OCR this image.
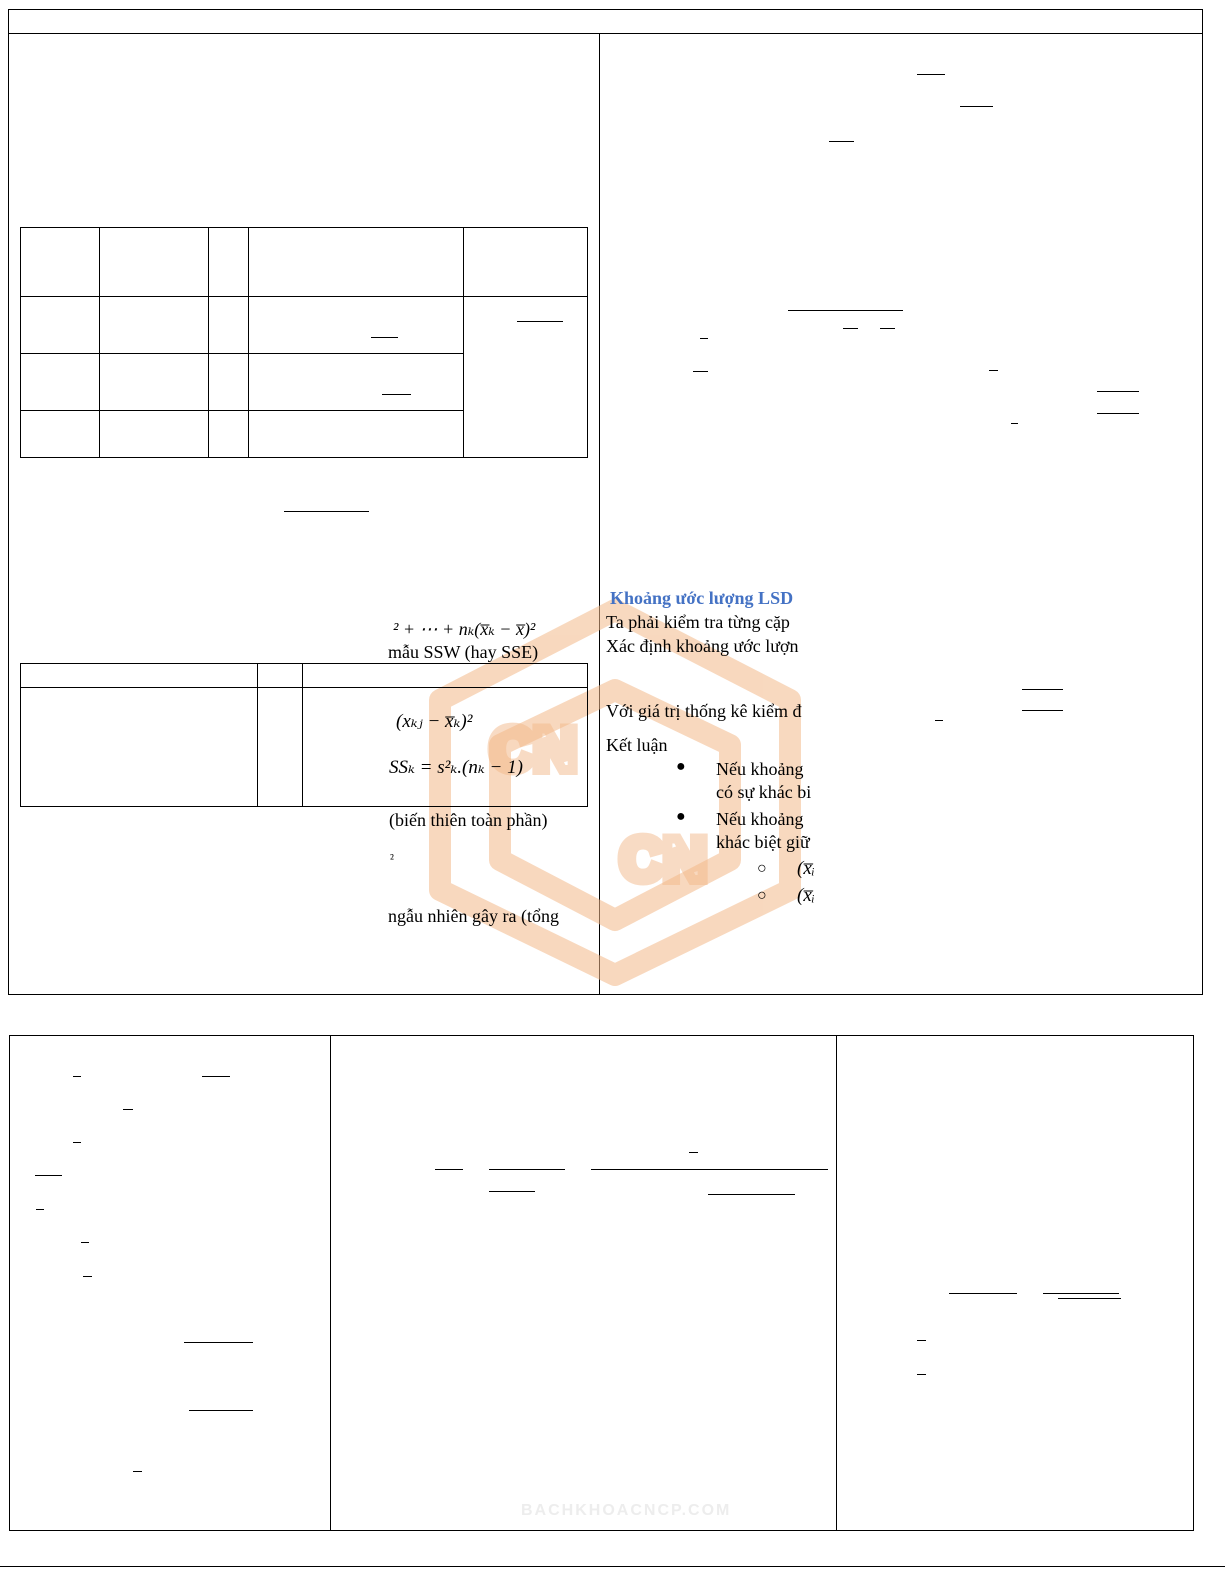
CN
CN
² + ⋯ + nₖ(x̅ₖ − x̅)²
mẫu SSW (hay SSE)
(xₖⱼ − x̅ₖ)²
SSₖ = s²ₖ.(nₖ − 1)
(biến thiên toàn phần)
²
ngẫu nhiên gây ra (tổng
Khoảng ước lượng LSD
Ta phải kiểm tra từng cặp
Xác định khoảng ước lượn
Với giá trị thống kê kiểm đ
Kết luận
● Nếu khoảng
có sự khác bi
● Nếu khoảng
khác biệt giữ
○ (x̅ᵢ
○ (x̅ᵢ
BACHKHOACNCP.COM
